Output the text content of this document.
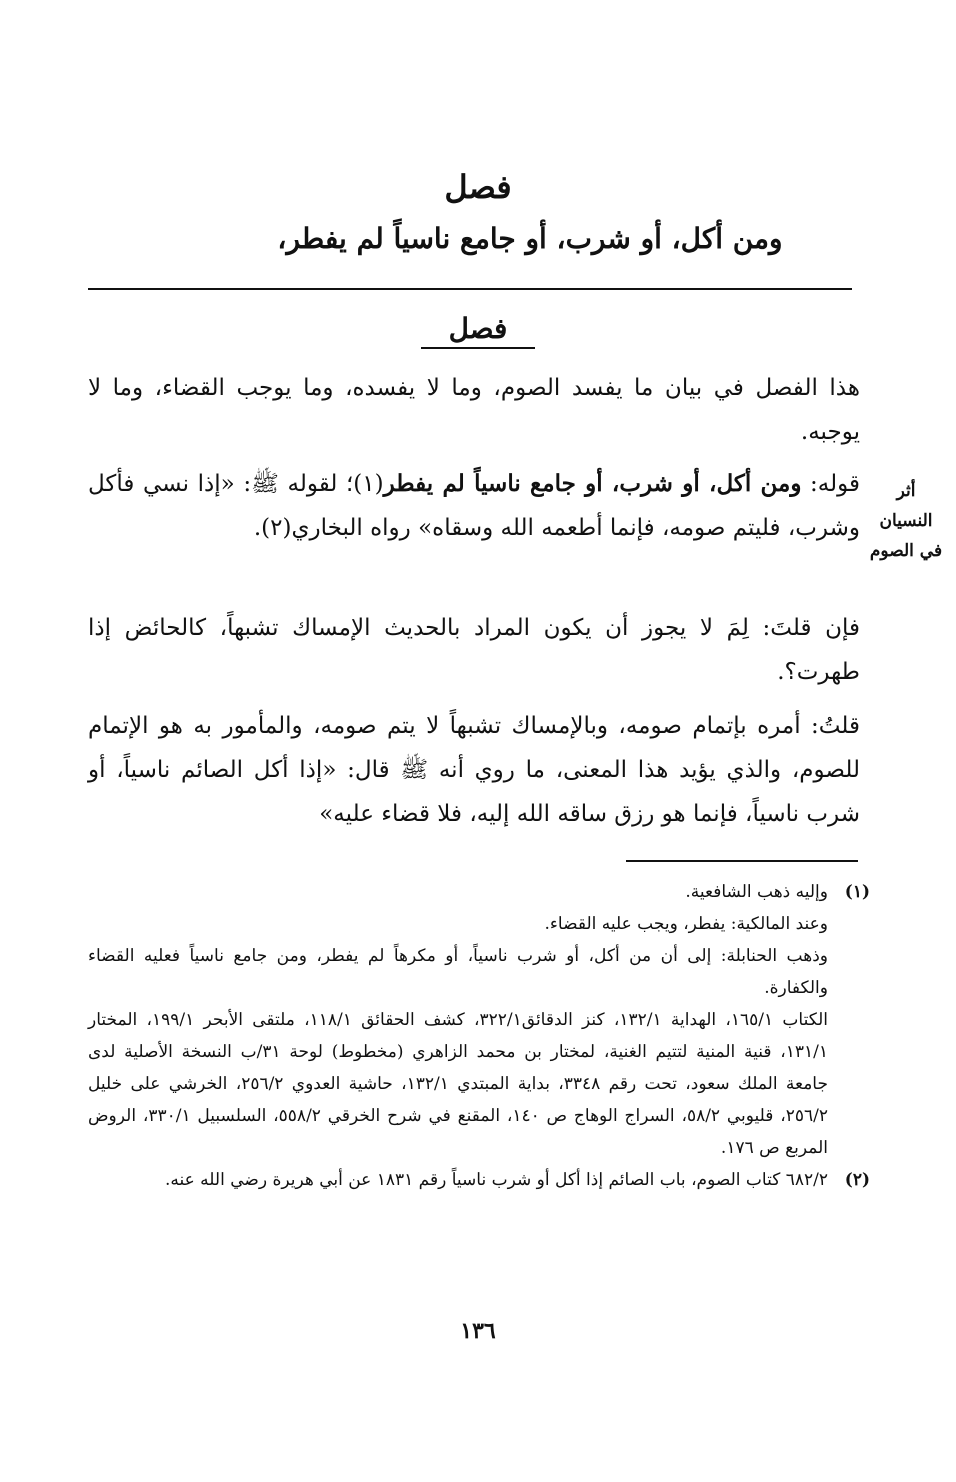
فصل
ومن أكل، أو شرب، أو جامع ناسياً لم يفطر،
فصل

هذا الفصل في بيان ما يفسد الصوم، وما لا يفسده، وما يوجب القضاء، وما لا يوجبه.

قوله: ومن أكل، أو شرب، أو جامع ناسياً لم يفطر(١)؛ لقوله ﷺ: «إذا نسي فأكل وشرب، فليتم صومه، فإنما أطعمه الله وسقاه» رواه البخاري(٢).

أثر
النسيان
في الصوم

فإن قلتَ: لِمَ لا يجوز أن يكون المراد بالحديث الإمساك تشبهاً، كالحائض إذا طهرت؟.

قلتُ: أمره بإتمام صومه، وبالإمساك تشبهاً لا يتم صومه، والمأمور به هو الإتمام للصوم، والذي يؤيد هذا المعنى، ما روي أنه ﷺ قال: «إذا أكل الصائم ناسياً، أو شرب ناسياً، فإنما هو رزق ساقه الله إليه، فلا قضاء عليه»

(١)وإليه ذهب الشافعية.

وعند المالكية: يفطر، ويجب عليه القضاء.

وذهب الحنابلة: إلى أن من أكل، أو شرب ناسياً، أو مكرهاً لم يفطر، ومن جامع ناسياً فعليه القضاء والكفارة.

الكتاب ١٦٥/١، الهداية ١٣٢/١، كنز الدقائق٣٢٢/١، كشف الحقائق ١١٨/١، ملتقى الأبحر ١٩٩/١، المختار ١٣١/١، قنية المنية لتتيم الغنية، لمختار بن محمد الزاهري (مخطوط) لوحة ٣١/ب النسخة الأصلية لدى جامعة الملك سعود، تحت رقم ٣٣٤٨، بداية المبتدي ١٣٢/١، حاشية العدوي ٢٥٦/٢، الخرشي على خليل ٢٥٦/٢، قليوبي ٥٨/٢، السراج الوهاج ص ١٤٠، المقنع في شرح الخرقي ٥٥٨/٢، السلسبيل ٣٣٠/١، الروض المربع ص ١٧٦.

(٢)٦٨٢/٢ كتاب الصوم، باب الصائم إذا أكل أو شرب ناسياً رقم ١٨٣١ عن أبي هريرة رضي الله عنه.

١٣٦
